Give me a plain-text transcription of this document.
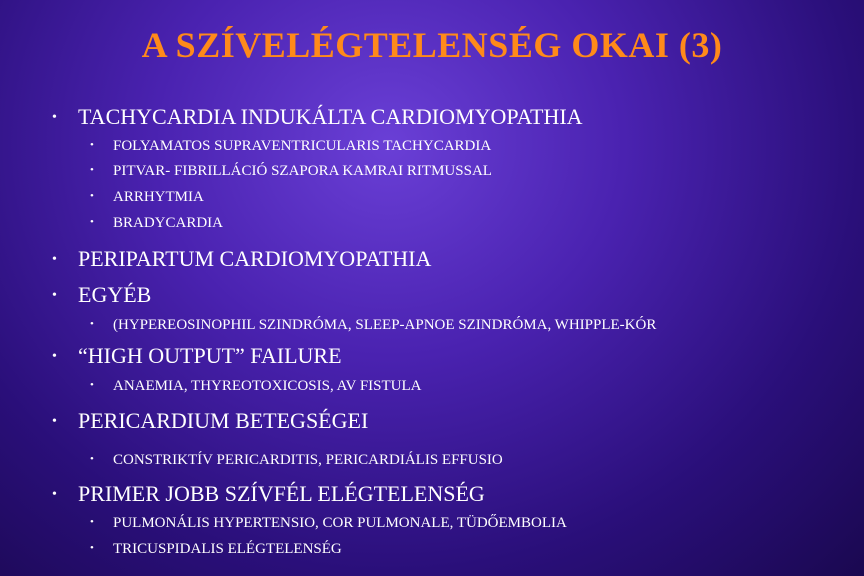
A SZÍVELÉGTELENSÉG OKAI (3)
• TACHYCARDIA INDUKÁLTA CARDIOMYOPATHIA
• FOLYAMATOS SUPRAVENTRICULARIS TACHYCARDIA
• PITVAR- FIBRILLÁCIÓ SZAPORA KAMRAI RITMUSSAL
• ARRHYTMIA
• BRADYCARDIA
• PERIPARTUM CARDIOMYOPATHIA
• EGYÉB
• (HYPEREOSINOPHIL SZINDRÓMA, SLEEP-APNOE SZINDRÓMA, WHIPPLE-KÓR
• “HIGH OUTPUT” FAILURE
• ANAEMIA, THYREOTOXICOSIS, AV FISTULA
• PERICARDIUM BETEGSÉGEI
• CONSTRIKTÍV PERICARDITIS, PERICARDIÁLIS EFFUSIO
• PRIMER JOBB SZÍVFÉL ELÉGTELENSÉG
• PULMONÁLIS HYPERTENSIO, COR PULMONALE, TÜDŐEMBOLIA
• TRICUSPIDALIS ELÉGTELENSÉG
